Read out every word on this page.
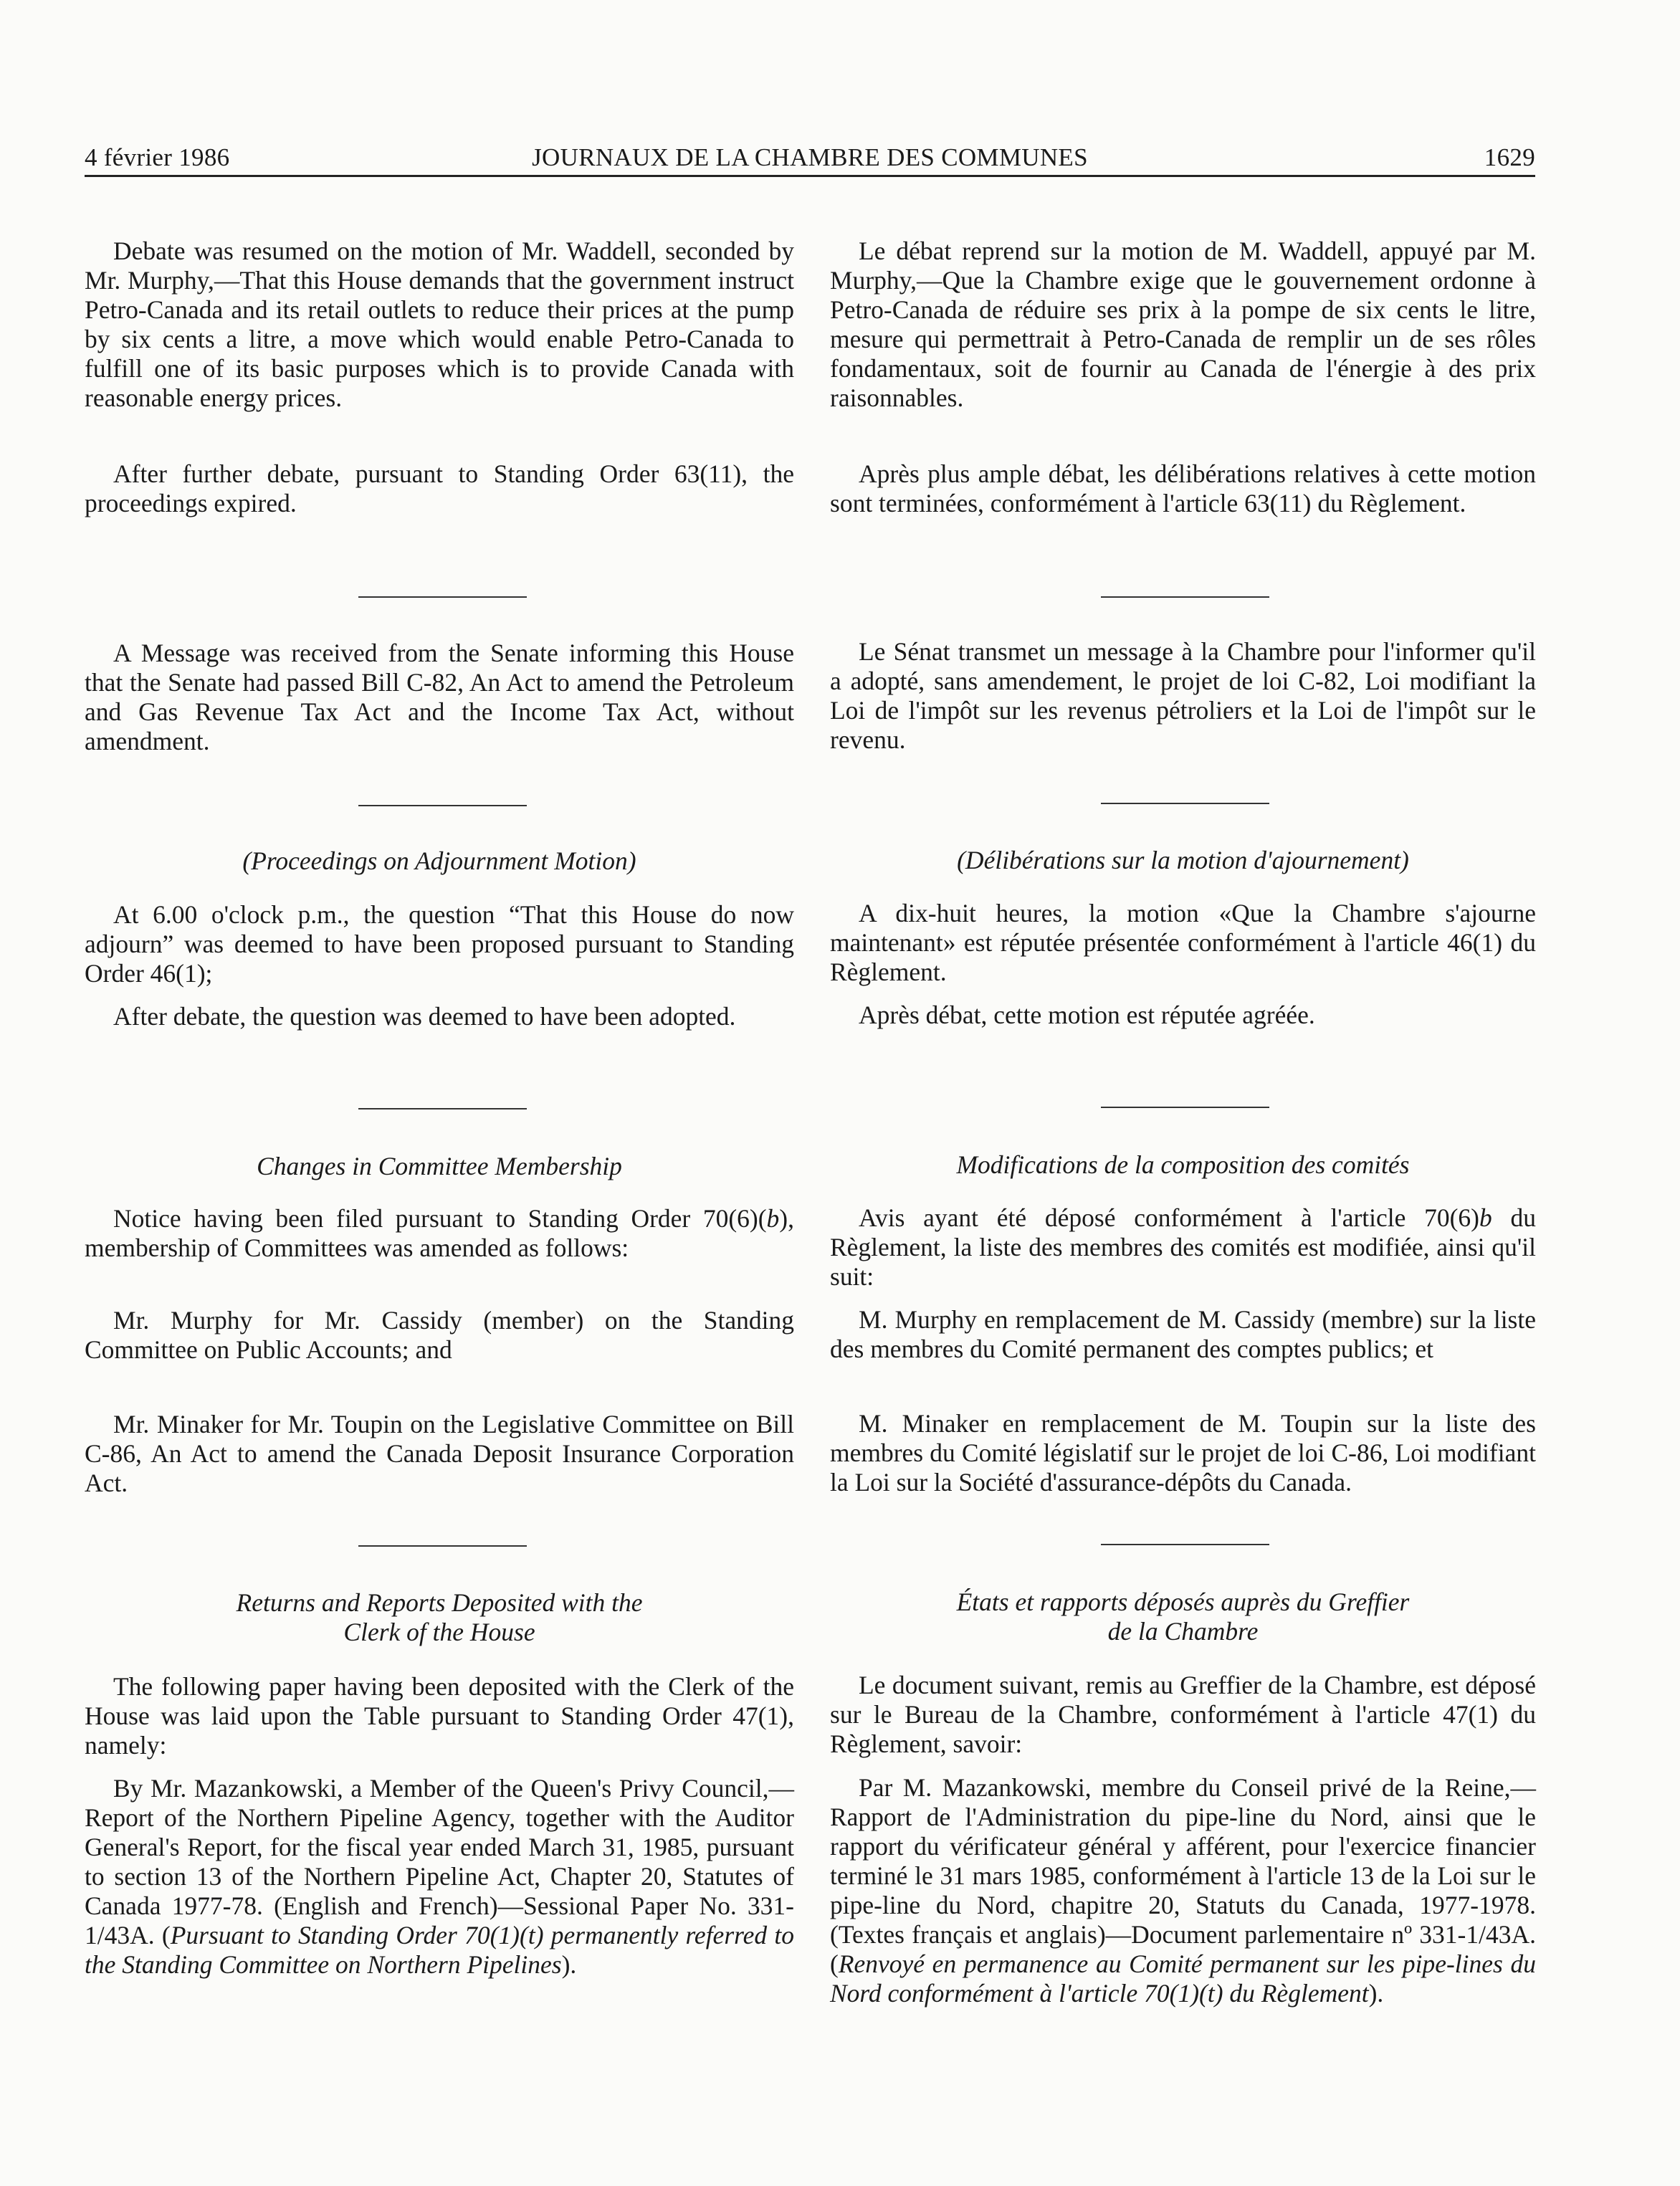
4 février 1986	JOURNAUX DE LA CHAMBRE DES COMMUNES	1629

Debate was resumed on the motion of Mr. Waddell, seconded by Mr. Murphy,—That this House demands that the government instruct Petro-Canada and its retail outlets to reduce their prices at the pump by six cents a litre, a move which would enable Petro-Canada to fulfill one of its basic purposes which is to provide Canada with reasonable energy prices.

After further debate, pursuant to Standing Order 63(11), the proceedings expired.

A Message was received from the Senate informing this House that the Senate had passed Bill C-82, An Act to amend the Petroleum and Gas Revenue Tax Act and the Income Tax Act, without amendment.

(Proceedings on Adjournment Motion)

At 6.00 o'clock p.m., the question “That this House do now adjourn” was deemed to have been proposed pursuant to Standing Order 46(1);

After debate, the question was deemed to have been adopted.

Changes in Committee Membership

Notice having been filed pursuant to Standing Order 70(6)(b), membership of Committees was amended as follows:

Mr. Murphy for Mr. Cassidy (member) on the Standing Committee on Public Accounts; and

Mr. Minaker for Mr. Toupin on the Legislative Committee on Bill C-86, An Act to amend the Canada Deposit Insurance Corporation Act.

Returns and Reports Deposited with the
Clerk of the House

The following paper having been deposited with the Clerk of the House was laid upon the Table pursuant to Standing Order 47(1), namely:

By Mr. Mazankowski, a Member of the Queen's Privy Council,—Report of the Northern Pipeline Agency, together with the Auditor General's Report, for the fiscal year ended March 31, 1985, pursuant to section 13 of the Northern Pipeline Act, Chapter 20, Statutes of Canada 1977-78. (English and French)—Sessional Paper No. 331-1/43A. (Pursuant to Standing Order 70(1)(t) permanently referred to the Standing Committee on Northern Pipelines).

Le débat reprend sur la motion de M. Waddell, appuyé par M. Murphy,—Que la Chambre exige que le gouvernement ordonne à Petro-Canada de réduire ses prix à la pompe de six cents le litre, mesure qui permettrait à Petro-Canada de remplir un de ses rôles fondamentaux, soit de fournir au Canada de l'énergie à des prix raisonnables.

Après plus ample débat, les délibérations relatives à cette motion sont terminées, conformément à l'article 63(11) du Règlement.

Le Sénat transmet un message à la Chambre pour l'informer qu'il a adopté, sans amendement, le projet de loi C-82, Loi modifiant la Loi de l'impôt sur les revenus pétroliers et la Loi de l'impôt sur le revenu.

(Délibérations sur la motion d'ajournement)

A dix-huit heures, la motion «Que la Chambre s'ajourne maintenant» est réputée présentée conformément à l'article 46(1) du Règlement.

Après débat, cette motion est réputée agréée.

Modifications de la composition des comités

Avis ayant été déposé conformément à l'article 70(6)b du Règlement, la liste des membres des comités est modifiée, ainsi qu'il suit:

M. Murphy en remplacement de M. Cassidy (membre) sur la liste des membres du Comité permanent des comptes publics; et

M. Minaker en remplacement de M. Toupin sur la liste des membres du Comité législatif sur le projet de loi C-86, Loi modifiant la Loi sur la Société d'assurance-dépôts du Canada.

États et rapports déposés auprès du Greffier
de la Chambre

Le document suivant, remis au Greffier de la Chambre, est déposé sur le Bureau de la Chambre, conformément à l'article 47(1) du Règlement, savoir:

Par M. Mazankowski, membre du Conseil privé de la Reine,—Rapport de l'Administration du pipe-line du Nord, ainsi que le rapport du vérificateur général y afférent, pour l'exercice financier terminé le 31 mars 1985, conformément à l'article 13 de la Loi sur le pipe-line du Nord, chapitre 20, Statuts du Canada, 1977-1978. (Textes français et anglais)—Document parlementaire nº 331-1/43A. (Renvoyé en permanence au Comité permanent sur les pipe-lines du Nord conformément à l'article 70(1)(t) du Règlement).
